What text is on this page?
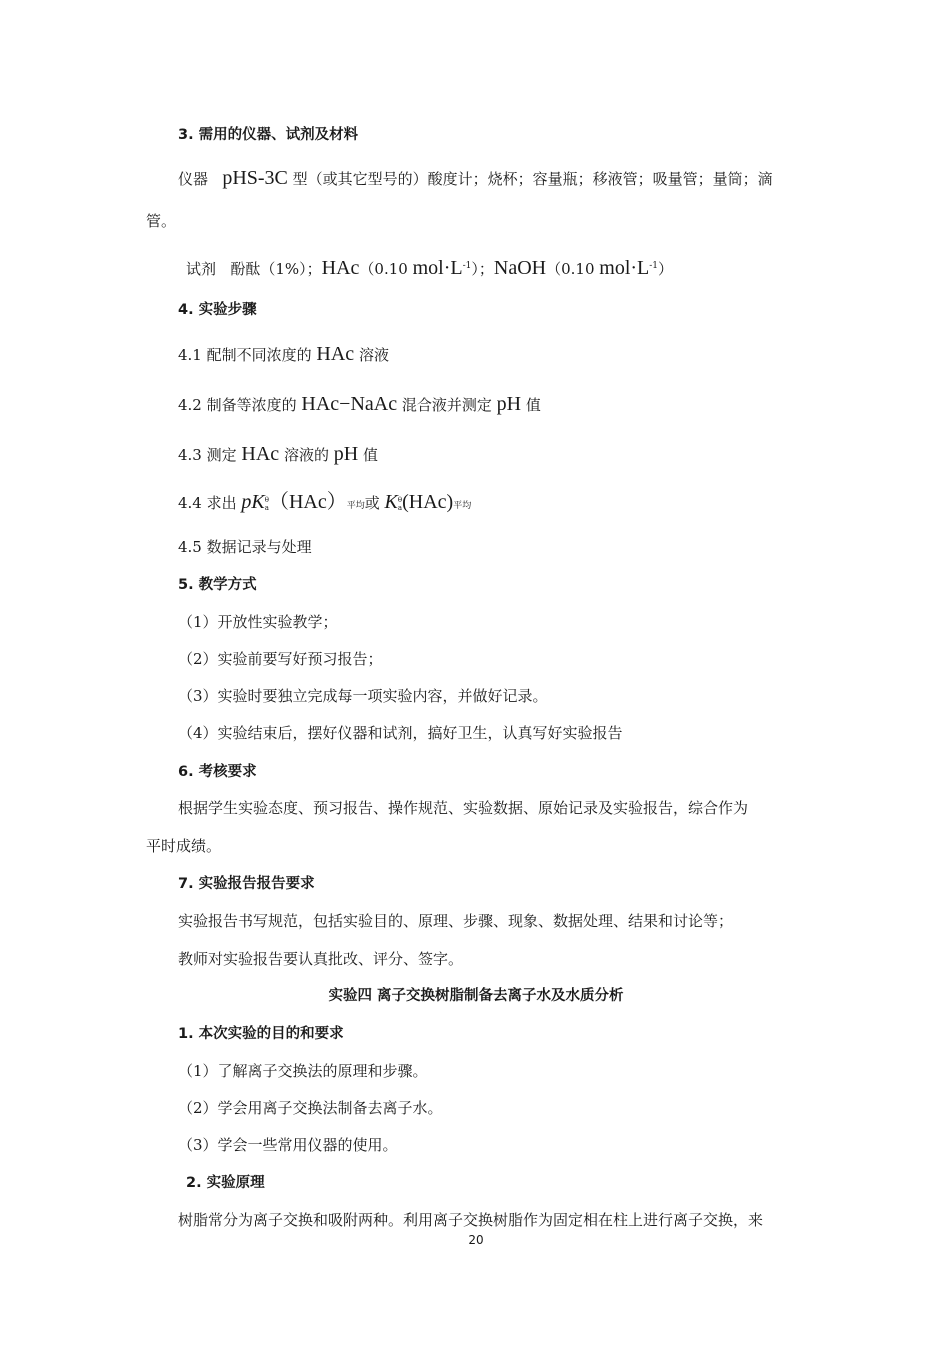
3. 需用的仪器、试剂及材料
仪器 pHS-3C 型（或其它型号的）酸度计；烧杯；容量瓶；移液管；吸量管；量筒；滴
管。
试剂 酚酞（1%）；HAc（0.10 $mol\cdot L^{-1}$）；NaOH（0.10 $mol\cdot L^{-1}$）
4. 实验步骤
4.1 配制不同浓度的 HAc 溶液
4.2 制备等浓度的 HAc−NaAc 混合液并测定 pH 值
4.3 测定 HAc 溶液的 pH 值
4.4 求出 pK θ
a （HAc）平均或 K θ
a (HAc)平均
4.5 数据记录与处理
5. 教学方式
（1）开放性实验教学；
（2）实验前要写好预习报告；
（3）实验时要独立完成每一项实验内容，并做好记录。
（4）实验结束后，摆好仪器和试剂，搞好卫生，认真写好实验报告
6. 考核要求
根据学生实验态度、预习报告、操作规范、实验数据、原始记录及实验报告，综合作为
平时成绩。
7. 实验报告报告要求
实验报告书写规范，包括实验目的、原理、步骤、现象、数据处理、结果和讨论等；
教师对实验报告要认真批改、评分、签字。
实验四 离子交换树脂制备去离子水及水质分析
1. 本次实验的目的和要求
（1）了解离子交换法的原理和步骤。
（2）学会用离子交换法制备去离子水。
（3）学会一些常用仪器的使用。
2. 实验原理
树脂常分为离子交换和吸附两种。利用离子交换树脂作为固定相在柱上进行离子交换，来
20
